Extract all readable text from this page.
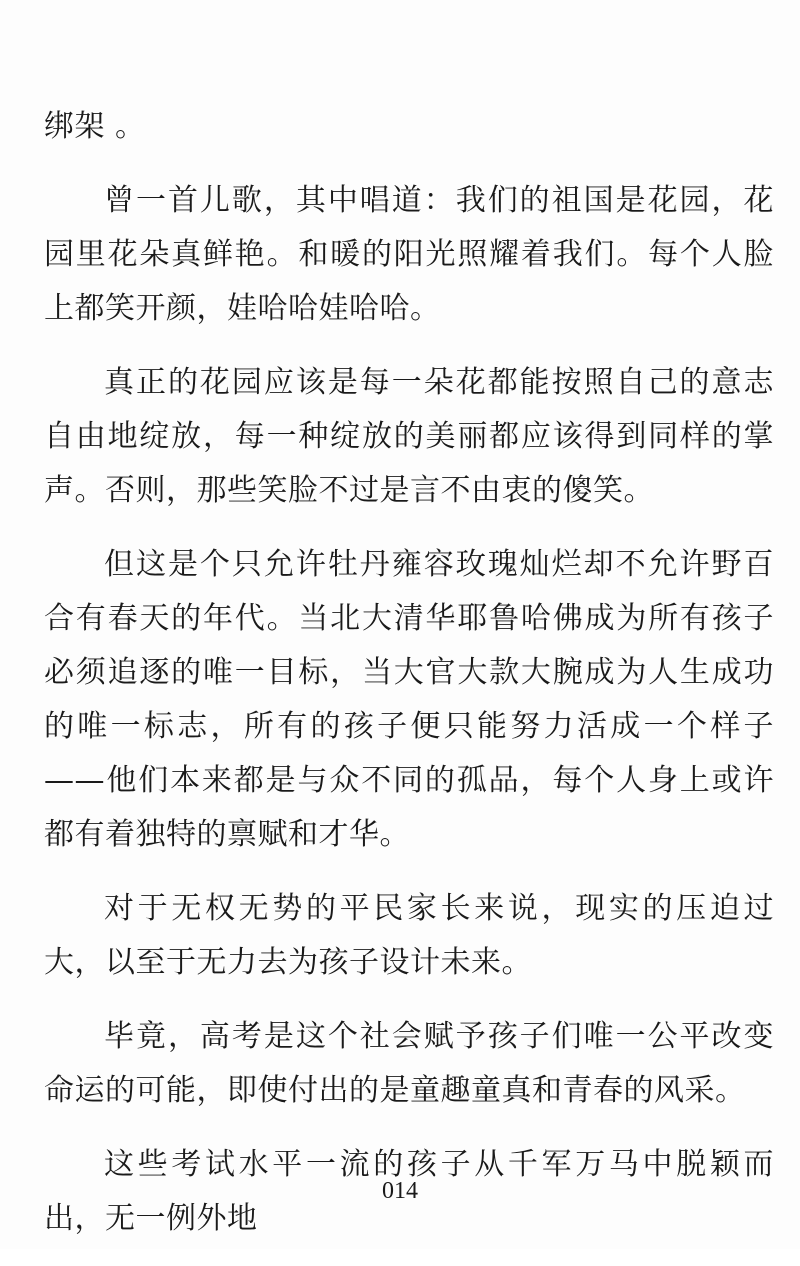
绑架 。

曾一首儿歌，其中唱道：我们的祖国是花园，花园里花朵真鲜艳。和暖的阳光照耀着我们。每个人脸上都笑开颜，娃哈哈娃哈哈。

真正的花园应该是每一朵花都能按照自己的意志自由地绽放，每一种绽放的美丽都应该得到同样的掌声。否则，那些笑脸不过是言不由衷的傻笑。

但这是个只允许牡丹雍容玫瑰灿烂却不允许野百合有春天的年代。当北大清华耶鲁哈佛成为所有孩子必须追逐的唯一目标，当大官大款大腕成为人生成功的唯一标志，所有的孩子便只能努力活成一个样子——他们本来都是与众不同的孤品，每个人身上或许都有着独特的禀赋和才华。

对于无权无势的平民家长来说，现实的压迫过大，以至于无力去为孩子设计未来。

毕竟，高考是这个社会赋予孩子们唯一公平改变命运的可能，即使付出的是童趣童真和青春的风采。

这些考试水平一流的孩子从千军万马中脱颖而出，无一例外地

014
